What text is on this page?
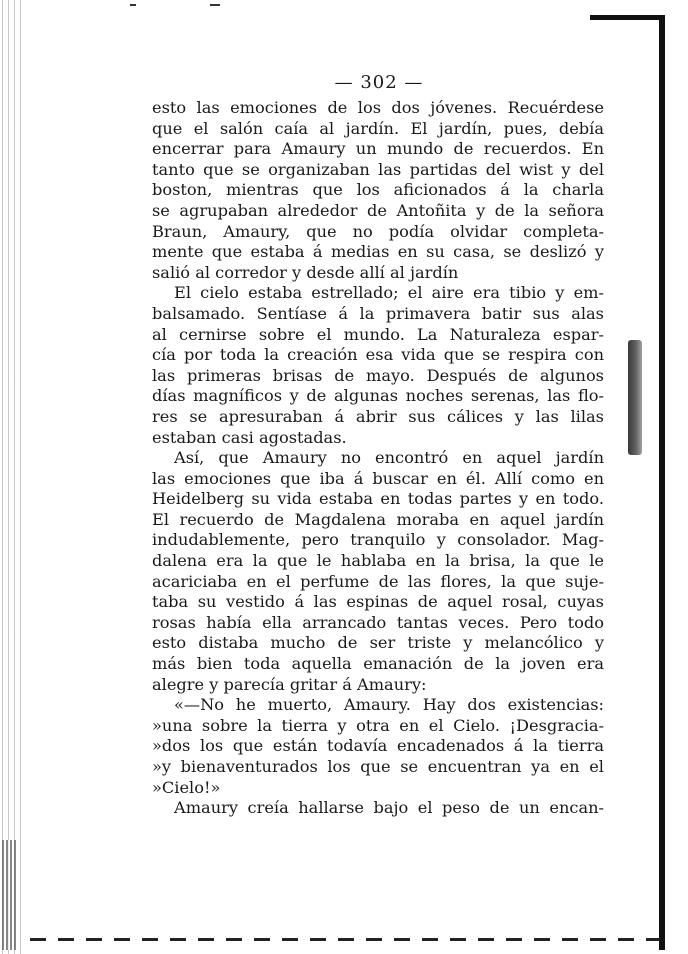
— 302 —
esto las emociones de los dos jóvenes. Recuérdese
que el salón caía al jardín. El jardín, pues, debía
encerrar para Amaury un mundo de recuerdos. En
tanto que se organizaban las partidas del wist y del
boston, mientras que los aficionados á la charla
se agrupaban alrededor de Antoñita y de la señora
Braun, Amaury, que no podía olvidar completa-
mente que estaba á medias en su casa, se deslizó y
salió al corredor y desde allí al jardín
El cielo estaba estrellado; el aire era tibio y em-
balsamado. Sentíase á la primavera batir sus alas
al cernirse sobre el mundo. La Naturaleza espar-
cía por toda la creación esa vida que se respira con
las primeras brisas de mayo. Después de algunos
días magníficos y de algunas noches serenas, las flo-
res se apresuraban á abrir sus cálices y las lilas
estaban casi agostadas.
Así, que Amaury no encontró en aquel jardín
las emociones que iba á buscar en él. Allí como en
Heidelberg su vida estaba en todas partes y en todo.
El recuerdo de Magdalena moraba en aquel jardín
indudablemente, pero tranquilo y consolador. Mag-
dalena era la que le hablaba en la brisa, la que le
acariciaba en el perfume de las flores, la que suje-
taba su vestido á las espinas de aquel rosal, cuyas
rosas había ella arrancado tantas veces. Pero todo
esto distaba mucho de ser triste y melancólico y
más bien toda aquella emanación de la joven era
alegre y parecía gritar á Amaury:
«—No he muerto, Amaury. Hay dos existencias:
»una sobre la tierra y otra en el Cielo. ¡Desgracia-
»dos los que están todavía encadenados á la tierra
»y bienaventurados los que se encuentran ya en el
»Cielo!»
Amaury creía hallarse bajo el peso de un encan-
